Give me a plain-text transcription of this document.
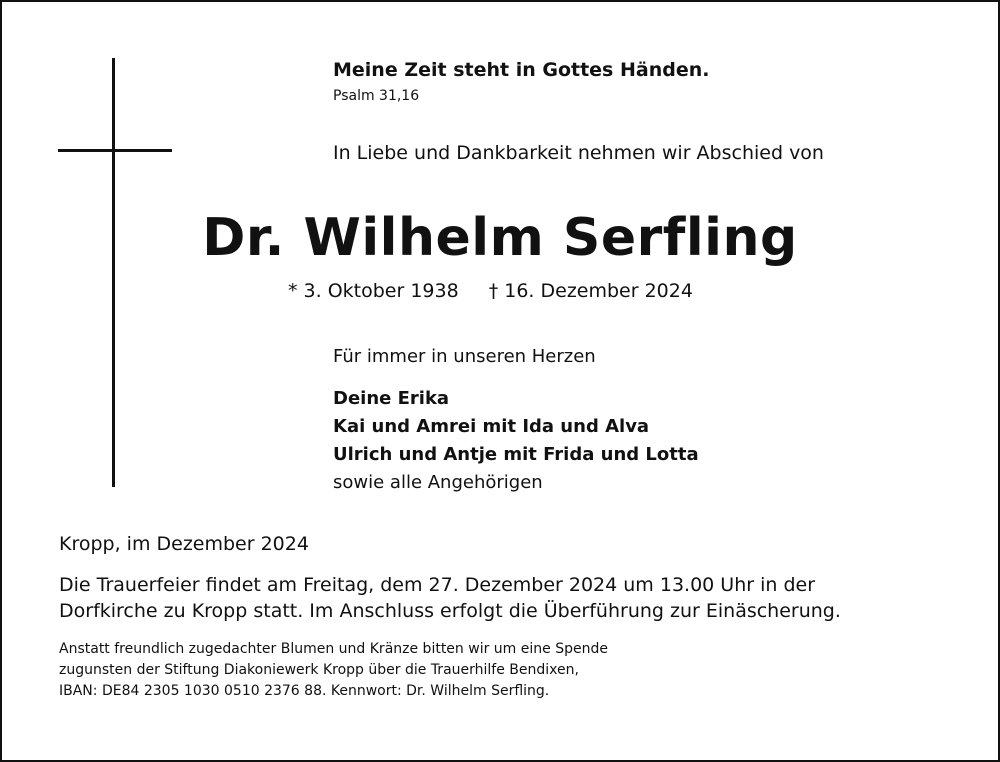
Meine Zeit steht in Gottes Händen.
Psalm 31,16
In Liebe und Dankbarkeit nehmen wir Abschied von
Dr. Wilhelm Serfling
* 3. Oktober 1938 † 16. Dezember 2024
Für immer in unseren Herzen
Deine Erika
Kai und Amrei mit Ida und Alva
Ulrich und Antje mit Frida und Lotta
sowie alle Angehörigen
Kropp, im Dezember 2024
Die Trauerfeier findet am Freitag, dem 27. Dezember 2024 um 13.00 Uhr in der
Dorfkirche zu Kropp statt. Im Anschluss erfolgt die Überführung zur Einäscherung.
Anstatt freundlich zugedachter Blumen und Kränze bitten wir um eine Spende
zugunsten der Stiftung Diakoniewerk Kropp über die Trauerhilfe Bendixen,
IBAN: DE84 2305 1030 0510 2376 88. Kennwort: Dr. Wilhelm Serfling.
